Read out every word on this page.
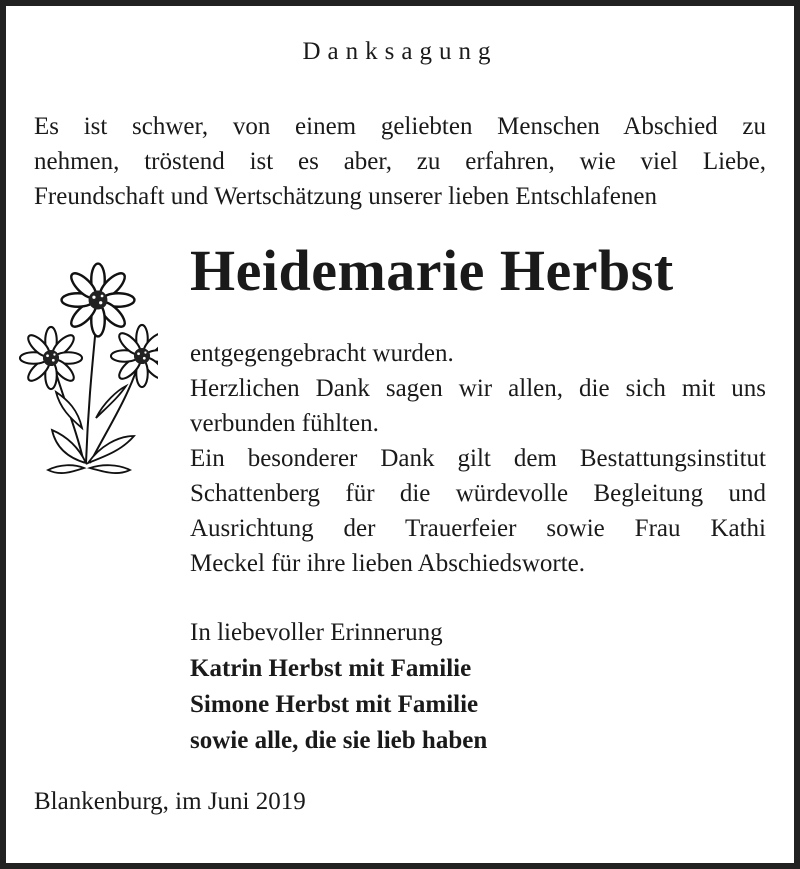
Danksagung
Es ist schwer, von einem geliebten Menschen Abschied zu
nehmen, tröstend ist es aber, zu erfahren, wie viel Liebe,
Freundschaft und Wertschätzung unserer lieben Entschlafenen
Heidemarie Herbst
entgegengebracht wurden.
Herzlichen Dank sagen wir allen, die sich mit uns
verbunden fühlten.
Ein besonderer Dank gilt dem Bestattungsinstitut
Schattenberg für die würdevolle Begleitung und
Ausrichtung der Trauerfeier sowie Frau Kathi
Meckel für ihre lieben Abschiedsworte.
In liebevoller Erinnerung
Katrin Herbst mit Familie
Simone Herbst mit Familie
sowie alle, die sie lieb haben
Blankenburg, im Juni 2019
